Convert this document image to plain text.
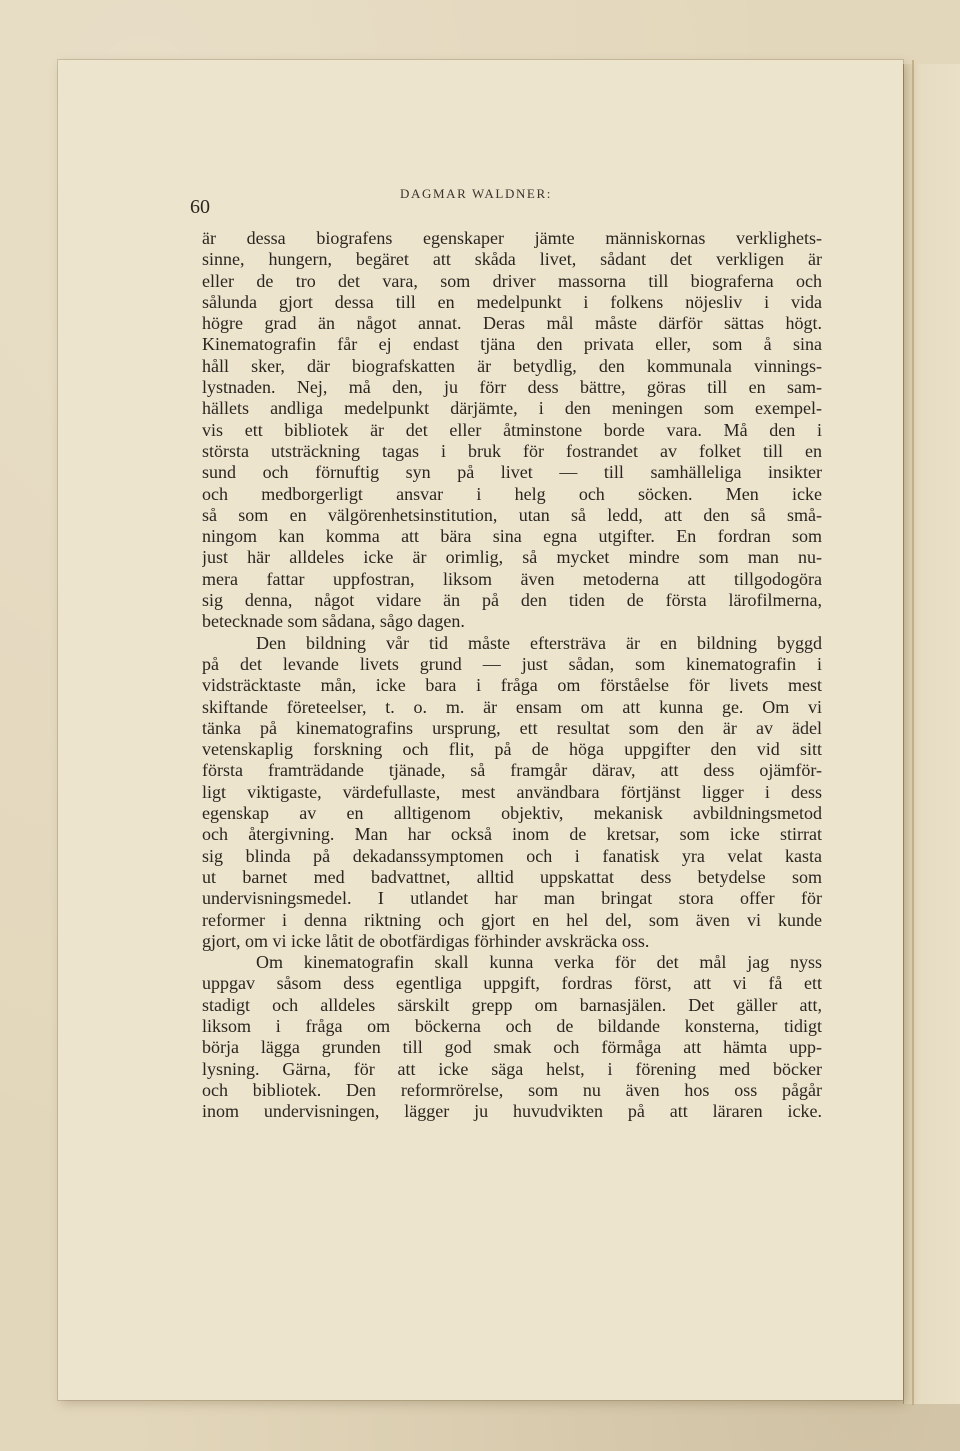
60
DAGMAR WALDNER:
är dessa biografens egenskaper jämte människornas verklighets-
sinne, hungern, begäret att skåda livet, sådant det verkligen är
eller de tro det vara, som driver massorna till biograferna och
sålunda gjort dessa till en medelpunkt i folkens nöjesliv i vida
högre grad än något annat. Deras mål måste därför sättas högt.
Kinematografin får ej endast tjäna den privata eller, som å sina
håll sker, där biografskatten är betydlig, den kommunala vinnings-
lystnaden. Nej, må den, ju förr dess bättre, göras till en sam-
hällets andliga medelpunkt därjämte, i den meningen som exempel-
vis ett bibliotek är det eller åtminstone borde vara. Må den i
största utsträckning tagas i bruk för fostrandet av folket till en
sund och förnuftig syn på livet — till samhälleliga insikter
och medborgerligt ansvar i helg och söcken. Men icke
så som en välgörenhetsinstitution, utan så ledd, att den så små-
ningom kan komma att bära sina egna utgifter. En fordran som
just här alldeles icke är orimlig, så mycket mindre som man nu-
mera fattar uppfostran, liksom även metoderna att tillgodogöra
sig denna, något vidare än på den tiden de första lärofilmerna,
betecknade som sådana, sågo dagen.
Den bildning vår tid måste eftersträva är en bildning byggd
på det levande livets grund — just sådan, som kinematografin i
vidsträcktaste mån, icke bara i fråga om förståelse för livets mest
skiftande företeelser, t. o. m. är ensam om att kunna ge. Om vi
tänka på kinematografins ursprung, ett resultat som den är av ädel
vetenskaplig forskning och flit, på de höga uppgifter den vid sitt
första framträdande tjänade, så framgår därav, att dess ojämför-
ligt viktigaste, värdefullaste, mest användbara förtjänst ligger i dess
egenskap av en alltigenom objektiv, mekanisk avbildningsmetod
och återgivning. Man har också inom de kretsar, som icke stirrat
sig blinda på dekadanssymptomen och i fanatisk yra velat kasta
ut barnet med badvattnet, alltid uppskattat dess betydelse som
undervisningsmedel. I utlandet har man bringat stora offer för
reformer i denna riktning och gjort en hel del, som även vi kunde
gjort, om vi icke låtit de obotfärdigas förhinder avskräcka oss.
Om kinematografin skall kunna verka för det mål jag nyss
uppgav såsom dess egentliga uppgift, fordras först, att vi få ett
stadigt och alldeles särskilt grepp om barnasjälen. Det gäller att,
liksom i fråga om böckerna och de bildande konsterna, tidigt
börja lägga grunden till god smak och förmåga att hämta upp-
lysning. Gärna, för att icke säga helst, i förening med böcker
och bibliotek. Den reformrörelse, som nu även hos oss pågår
inom undervisningen, lägger ju huvudvikten på att läraren icke.
